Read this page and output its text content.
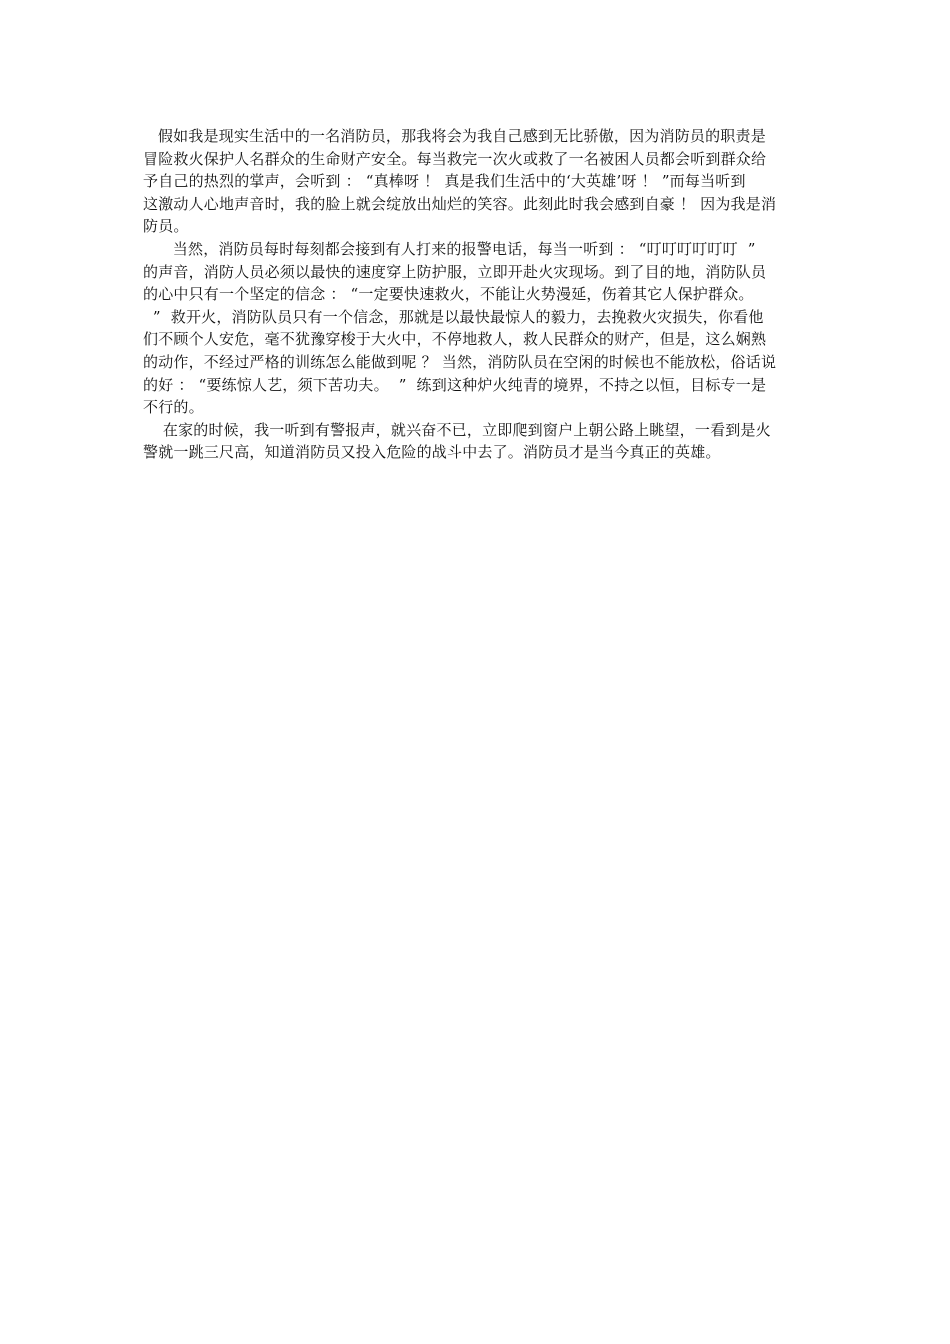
假如我是现实生活中的一名消防员，那我将会为我自己感到无比骄傲，因为消防员的职责是
冒险救火保护人名群众的生命财产安全。每当救完一次火或救了一名被困人员都会听到群众给
予自己的热烈的掌声，会听到 ： “真棒呀 ！ 真是我们生活中的‘大英雄’呀 ！ ”而每当听到
这激动人心地声音时，我的脸上就会绽放出灿烂的笑容。此刻此时我会感到自豪 ！ 因为我是消
防员。
当然，消防员每时每刻都会接到有人打来的报警电话，每当一听到 ： “叮叮叮叮叮叮  ”
的声音，消防人员必须以最快的速度穿上防护服，立即开赴火灾现场。到了目的地，消防队员
的心中只有一个坚定的信念 ： “一定要快速救火，不能让火势漫延，伤着其它人保护群众。
”  救开火，消防队员只有一个信念，那就是以最快最惊人的毅力，去挽救火灾损失，你看他
们不顾个人安危，毫不犹豫穿梭于大火中，不停地救人，救人民群众的财产，但是，这么娴熟
的动作，不经过严格的训练怎么能做到呢 ？ 当然，消防队员在空闲的时候也不能放松，俗话说
的好 ： “要练惊人艺，须下苦功夫。  ”  练到这种炉火纯青的境界，不持之以恒，目标专一是
不行的。
在家的时候，我一听到有警报声，就兴奋不已，立即爬到窗户上朝公路上眺望，一看到是火
警就一跳三尺高，知道消防员又投入危险的战斗中去了。消防员才是当今真正的英雄。
